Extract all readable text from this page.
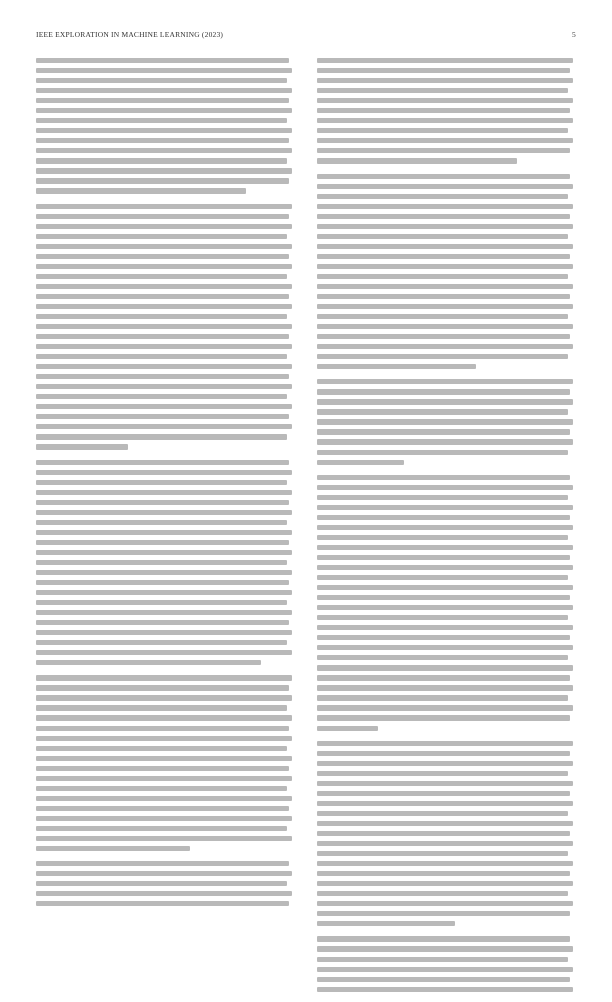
IEEE EXPLORATION IN MACHINE LEARNING (2023)	5
